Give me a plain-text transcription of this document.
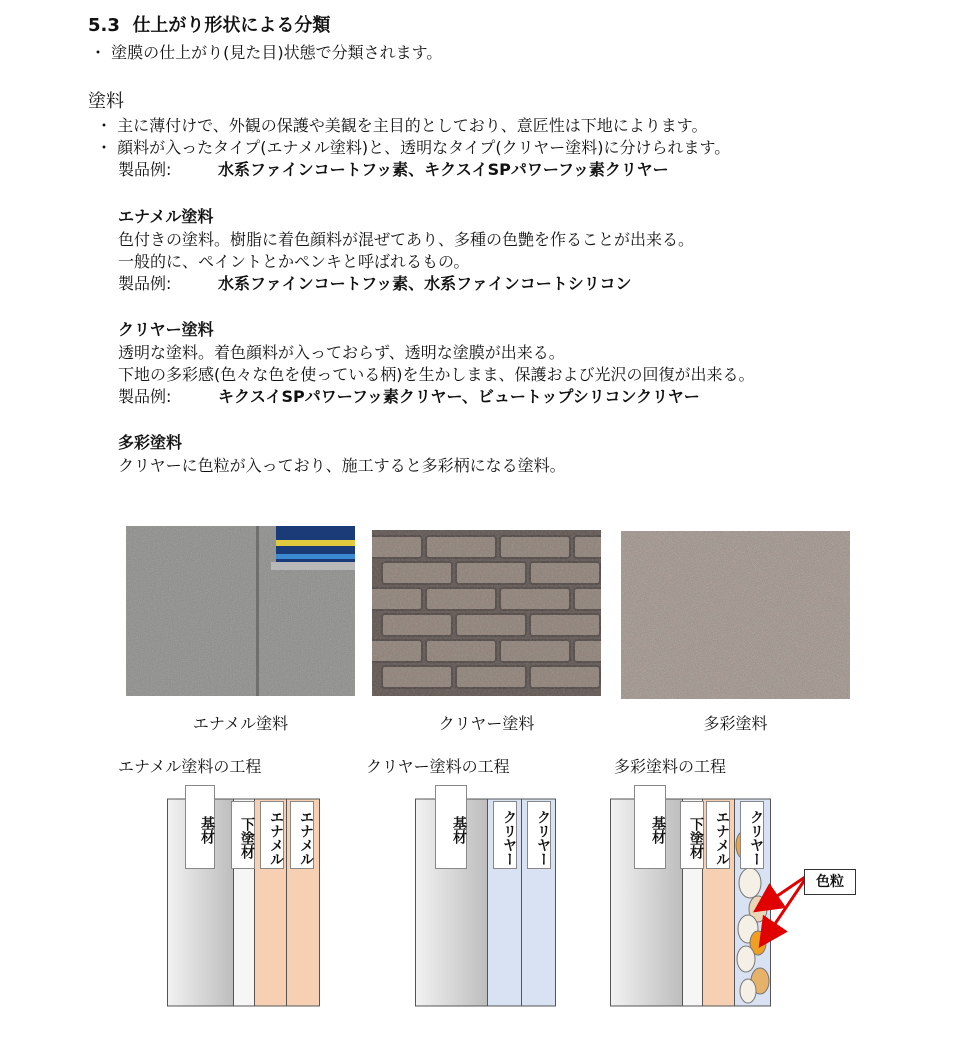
5.3 仕上がり形状による分類
・ 塗膜の仕上がり(見た目)状態で分類されます。
塗料
・ 主に薄付けで、外観の保護や美観を主目的としており、意匠性は下地によります。
・ 顔料が入ったタイプ(エナメル塗料)と、透明なタイプ(クリヤー塗料)に分けられます。
製品例:	水系ファインコートフッ素、キクスイSPパワーフッ素クリヤー
エナメル塗料
色付きの塗料。樹脂に着色顔料が混ぜてあり、多種の色艶を作ることが出来る。
一般的に、ペイントとかペンキと呼ばれるもの。
製品例:	水系ファインコートフッ素、水系ファインコートシリコン
クリヤー塗料
透明な塗料。着色顔料が入っておらず、透明な塗膜が出来る。
下地の多彩感(色々な色を使っている柄)を生かしまま、保護および光沢の回復が出来る。
製品例:	キクスイSPパワーフッ素クリヤー、ビュートップシリコンクリヤー
多彩塗料
クリヤーに色粒が入っており、施工すると多彩柄になる塗料。
エナメル塗料	クリヤー塗料	多彩塗料
エナメル塗料の工程	クリヤー塗料の工程	多彩塗料の工程
基材	下塗材 エナメル	エナメル	基材	クリヤー	クリヤー	基材	下塗材 エナメル	クリヤー
色粒
